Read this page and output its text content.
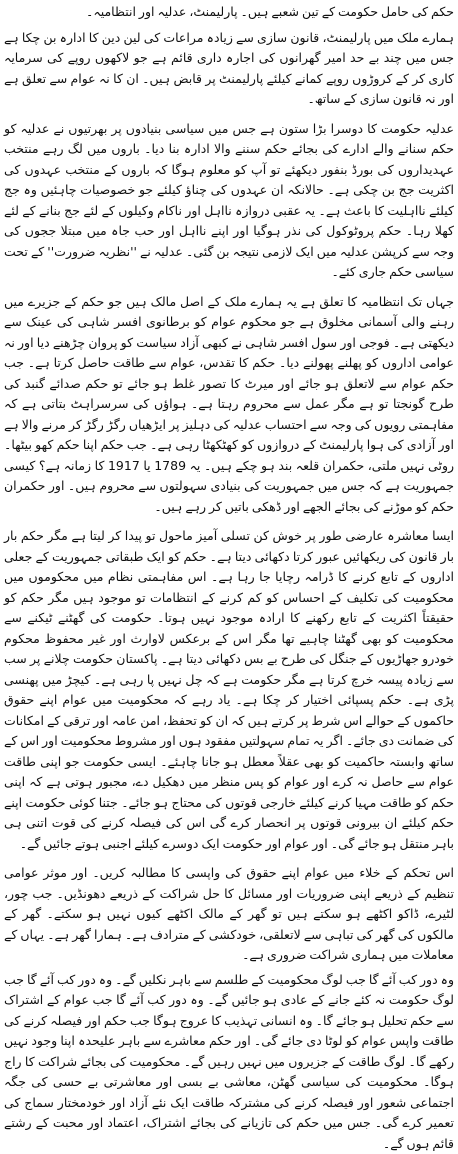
حکم کی حامل حکومت کے تین شعبے ہیں۔ پارلیمنٹ، عدلیہ اور انتظامیہ۔

ہمارے ملک میں پارلیمنٹ، قانون سازی سے زیادہ مراعات کی لین دین کا ادارہ بن چکا ہے جس میں چند بے حد امیر گھرانوں کی اجارہ داری قائم ہے جو لاکھوں روپے کی سرمایہ کاری کر کے کروڑوں روپے کمانے کیلئے پارلیمنٹ پر قابض ہیں۔ ان کا نہ عوام سے تعلق ہے اور نہ قانون سازی کے ساتھ۔

عدلیہ حکومت کا دوسرا بڑا ستون ہے جس میں سیاسی بنیادوں پر بھرتیوں نے عدلیہ کو حکم سنانے والے ادارے کی بجائے حکم سننے والا ادارہ بنا دیا۔ باروں میں لگ رہے منتخب عہدیداروں کی بورڈ بنفور دیکھئے تو آپ کو معلوم ہوگا کہ باروں کے منتخب عہدوں کی اکثریت جج بن چکی ہے۔ حالانکہ ان عہدوں کی چناؤ کیلئے جو خصوصیات چاہئیں وہ جج کیلئے نااہلیت کا باعث ہے۔ یہ عقبی دروازہ نااہل اور ناکام وکیلوں کے لئے جج بنانے کے لئے کھلا رہا۔ حکم پروٹوکول کی نذر ہوگیا اور اپنے نااہل اور حب جاہ میں مبتلا ججوں کی وجہ سے کرپشن عدلیہ میں ایک لازمی نتیجہ بن گئی۔ عدلیہ نے ''نظریہ ضرورت'' کے تحت سیاسی حکم جاری کئے۔

جہاں تک انتظامیہ کا تعلق ہے یہ ہمارے ملک کے اصل مالک ہیں جو حکم کے جزیرے میں رہنے والی آسمانی مخلوق ہے جو محکوم عوام کو برطانوی افسر شاہی کی عینک سے دیکھتی ہے۔ فوجی اور سول افسر شاہی نے کبھی آزاد سیاست کو پروان چڑھنے دیا اور نہ عوامی اداروں کو پھلنے پھولنے دیا۔ حکم کا تقدس، عوام سے طاقت حاصل کرتا ہے۔ جب حکم عوام سے لاتعلق ہو جائے اور میرٹ کا تصور غلط ہو جائے تو حکم صدائے گنبد کی طرح گونجتا تو ہے مگر عمل سے محروم رہتا ہے۔ ہواؤں کی سرسراہٹ بتاتی ہے کہ مفاہمتی رویوں کی وجہ سے احتساب عدلیہ کی دہلیز پر ایڑھیاں رگڑ رگڑ کر مرنے والا ہے اور آزادی کی ہوا پارلیمنٹ کے دروازوں کو کھٹکھٹا رہی ہے۔ جب حکم اپنا حکم کھو بیٹھا۔ روٹی نہیں ملتی، حکمران قلعہ بند ہو چکے ہیں۔ یہ 1789 یا 1917 کا زمانہ ہے؟ کیسی جمہوریت ہے کہ جس میں جمہوریت کی بنیادی سہولتوں سے محروم ہیں۔ اور حکمران حکم کو موڑنے کی بجائے الجھے اور ڈھکی باتیں کر رہے ہیں۔

ایسا معاشرہ عارضی طور پر خوش کن تسلی آمیز ماحول تو پیدا کر لیتا ہے مگر حکم بار بار قانون کی ریکھائیں عبور کرتا دکھائی دیتا ہے۔ حکم کو ایک طبقاتی جمہوریت کے جعلی اداروں کے تابع کرنے کا ڈرامہ رچایا جا رہا ہے۔ اس مفاہمتی نظام میں محکوموں میں محکومیت کی تکلیف کے احساس کو کم کرنے کے انتظامات تو موجود ہیں مگر حکم کو حقیقتاً اکثریت کے تابع رکھنے کا ارادہ موجود نہیں ہوتا۔ حکومت کی گھٹنے ٹیکنے سے محکومیت کو بھی گھٹنا چاہیے تھا مگر اس کے برعکس لاوارث اور غیر محفوظ محکوم خودرو جھاڑیوں کے جنگل کی طرح بے بس دکھائی دیتا ہے۔ پاکستان حکومت چلانے پر سب سے زیادہ پیسہ خرچ کرتا ہے مگر حکومت ہے کہ چل نہیں پا رہی ہے۔ کیچڑ میں پھنسی پڑی ہے۔ حکم پسپائی اختیار کر چکا ہے۔ یاد رہے کہ محکومیت میں عوام اپنے حقوق حاکموں کے حوالے اس شرط پر کرتے ہیں کہ ان کو تحفظ، امن عامہ اور ترقی کے امکانات کی ضمانت دی جائے۔ اگر یہ تمام سہولتیں مفقود ہوں اور مشروط محکومیت اور اس کے ساتھ وابستہ حاکمیت کو بھی عقلاً معطل ہو جانا چاہئے۔ ایسی حکومت جو اپنی طاقت عوام سے حاصل نہ کرے اور عوام کو پس منظر میں دھکیل دے، مجبور ہوتی ہے کہ اپنی حکم کو طاقت مہیا کرنے کیلئے خارجی قوتوں کی محتاج ہو جائے۔ جتنا کوئی حکومت اپنے حکم کیلئے ان بیرونی قوتوں پر انحصار کرے گی اس کی فیصلہ کرنے کی قوت اتنی ہی باہر منتقل ہو جائے گی۔ اور عوام اور حکومت ایک دوسرے کیلئے اجنبی ہوتے جائیں گے۔

اس تحکم کے خلاء میں عوام اپنے حقوق کی واپسی کا مطالبہ کریں۔ اور موثر عوامی تنظیم کے ذریعے اپنی ضروریات اور مسائل کا حل شراکت کے ذریعے دھونڈیں۔ جب چور، لٹیرے، ڈاکو اکٹھے ہو سکتے ہیں تو گھر کے مالک اکٹھے کیوں نہیں ہو سکتے۔ گھر کے مالکوں کی گھر کی تباہی سے لاتعلقی، خودکشی کے مترادف ہے۔ ہمارا گھر ہے۔ یہاں کے معاملات میں ہماری شراکت ضروری ہے۔

وہ دور کب آئے گا جب لوگ محکومیت کے طلسم سے باہر نکلیں گے۔ وہ دور کب آئے گا جب لوگ حکومت نہ کئے جانے کے عادی ہو جائیں گے۔ وہ دور کب آئے گا جب عوام کے اشتراک سے حکم تحلیل ہو جائے گا۔ وہ انسانی تہذیب کا عروج ہوگا جب حکم اور فیصلہ کرنے کی طاقت واپس عوام کو لوٹا دی جائے گی۔ اور حکم معاشرے سے باہر علیحدہ اپنا وجود نہیں رکھے گا۔ لوگ طاقت کے جزیروں میں نہیں رہیں گے۔ محکومیت کی بجائے شراکت کا راج ہوگا۔ محکومیت کی سیاسی گھٹن، معاشی بے بسی اور معاشرتی بے حسی کی جگہ اجتماعی شعور اور فیصلہ کرنے کی مشترکہ طاقت ایک نئے آزاد اور خودمختار سماج کی تعمیر کرے گی۔ جس میں حکم کی تازیانے کی بجائے اشتراک، اعتماد اور محبت کے رشتے قائم ہوں گے۔
